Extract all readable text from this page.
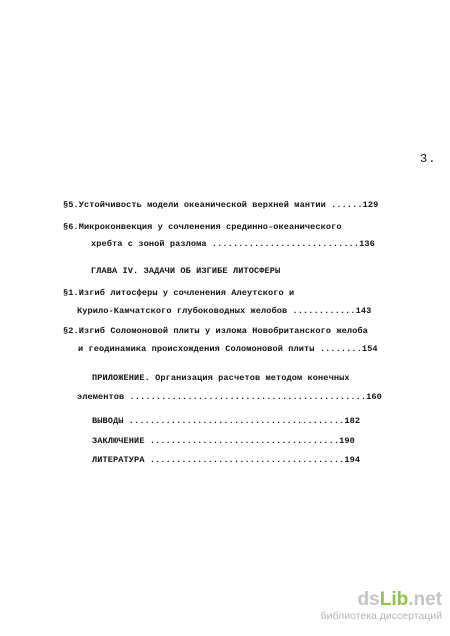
3.
§5.Устойчивость модели океанической верхней мантии ......129
§6.Микроконвекция у сочленения срединно-океанического
хребта с зоной разлома ............................136
ГЛАВА IV. ЗАДАЧИ ОБ ИЗГИБЕ ЛИТОСФЕРЫ
§1.Изгиб литосферы у сочленения Алеутского и
Курило-Камчатского глубоководных желобов ............143
§2.Изгиб Соломоновой плиты у излома Новобританского желоба
и геодинамика происхождения Соломоновой плиты ........154
ПРИЛОЖЕНИЕ. Организация расчетов методом конечных
элементов .............................................160
ВЫВОДЫ .........................................182
ЗАКЛЮЧЕНИЕ ....................................190
ЛИТЕРАТУРА .....................................194
dsLib.net
библиотека диссертаций
